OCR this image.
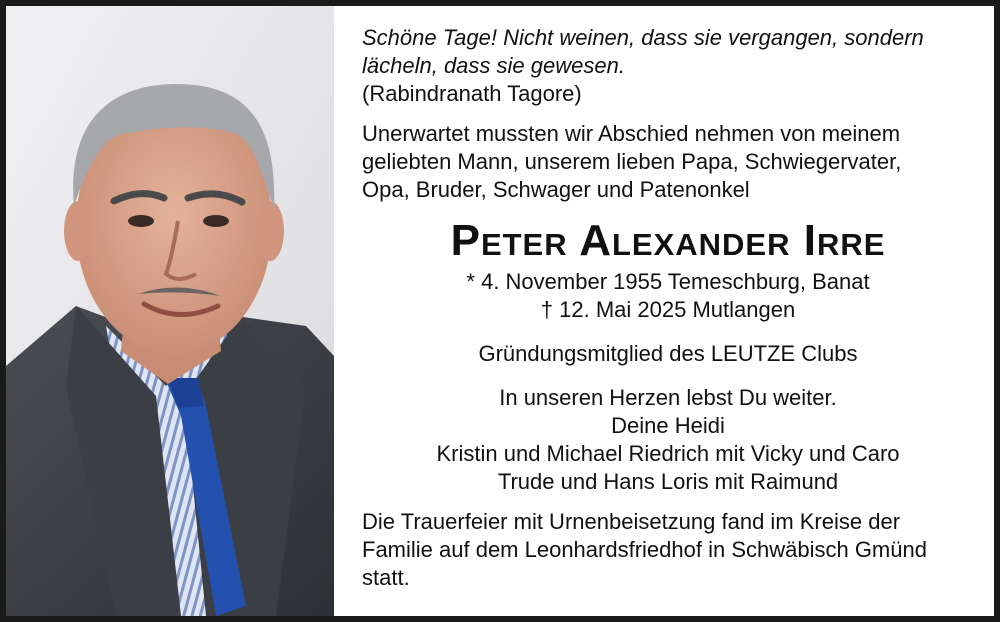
Schöne Tage! Nicht weinen, dass sie vergangen, sondern
lächeln, dass sie gewesen.
(Rabindranath Tagore)
Unerwartet mussten wir Abschied nehmen von meinem
geliebten Mann, unserem lieben Papa, Schwiegervater,
Opa, Bruder, Schwager und Patenonkel
Peter Alexander Irre
* 4. November 1955 Temeschburg, Banat
† 12. Mai 2025 Mutlangen
Gründungsmitglied des LEUTZE Clubs
In unseren Herzen lebst Du weiter.
Deine Heidi
Kristin und Michael Riedrich mit Vicky und Caro
Trude und Hans Loris mit Raimund
Die Trauerfeier mit Urnenbeisetzung fand im Kreise der
Familie auf dem Leonhardsfriedhof in Schwäbisch Gmünd
statt.
